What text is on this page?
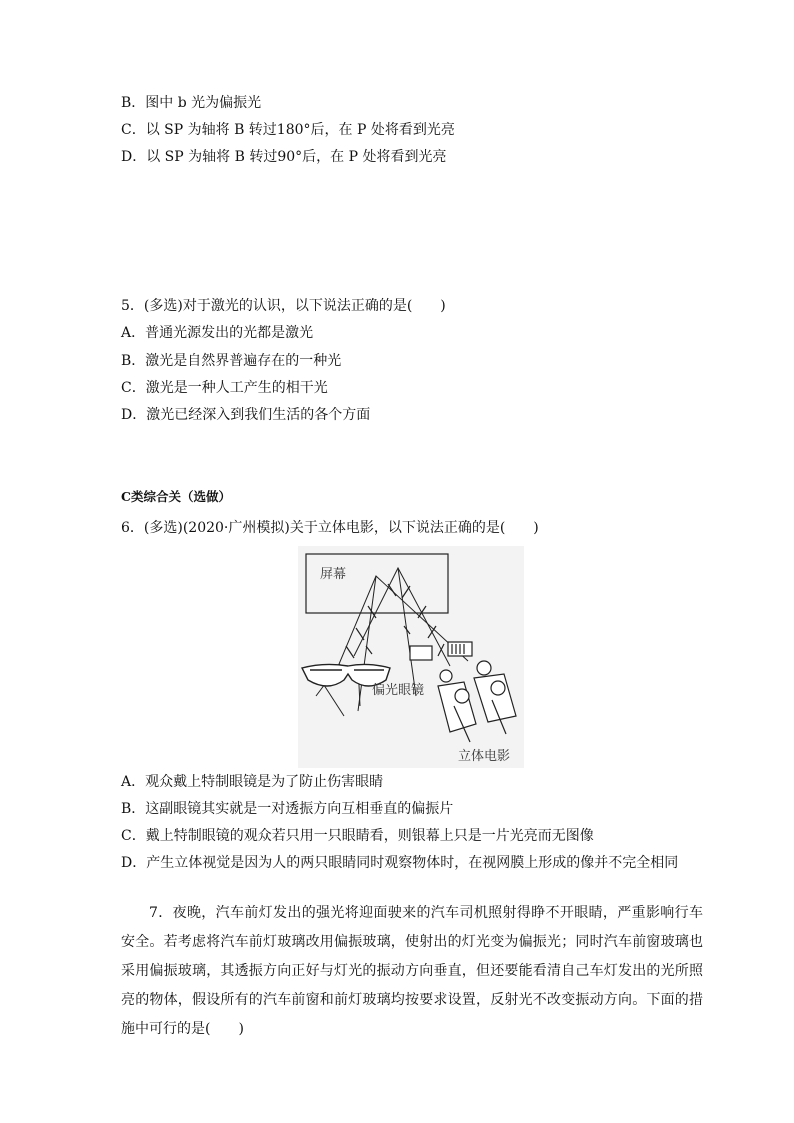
B．图中 b 光为偏振光
C．以 SP 为轴将 B 转过180°后，在 P 处将看到光亮
D．以 SP 为轴将 B 转过90°后，在 P 处将看到光亮
5．(多选)对于激光的认识，以下说法正确的是(　　)
A．普通光源发出的光都是激光
B．激光是自然界普遍存在的一种光
C．激光是一种人工产生的相干光
D．激光已经深入到我们生活的各个方面
C类综合关（选做）
6．(多选)(2020·广州模拟)关于立体电影，以下说法正确的是(　　)
屏幕
偏光眼镜
立体电影
A．观众戴上特制眼镜是为了防止伤害眼睛
B．这副眼镜其实就是一对透振方向互相垂直的偏振片
C．戴上特制眼镜的观众若只用一只眼睛看，则银幕上只是一片光亮而无图像
D．产生立体视觉是因为人的两只眼睛同时观察物体时，在视网膜上形成的像并不完全相同
7．夜晚，汽车前灯发出的强光将迎面驶来的汽车司机照射得睁不开眼睛，严重影响行车安全。若考虑将汽车前灯玻璃改用偏振玻璃，使射出的灯光变为偏振光；同时汽车前窗玻璃也采用偏振玻璃，其透振方向正好与灯光的振动方向垂直，但还要能看清自己车灯发出的光所照亮的物体，假设所有的汽车前窗和前灯玻璃均按要求设置，反射光不改变振动方向。下面的措施中可行的是(　　)
